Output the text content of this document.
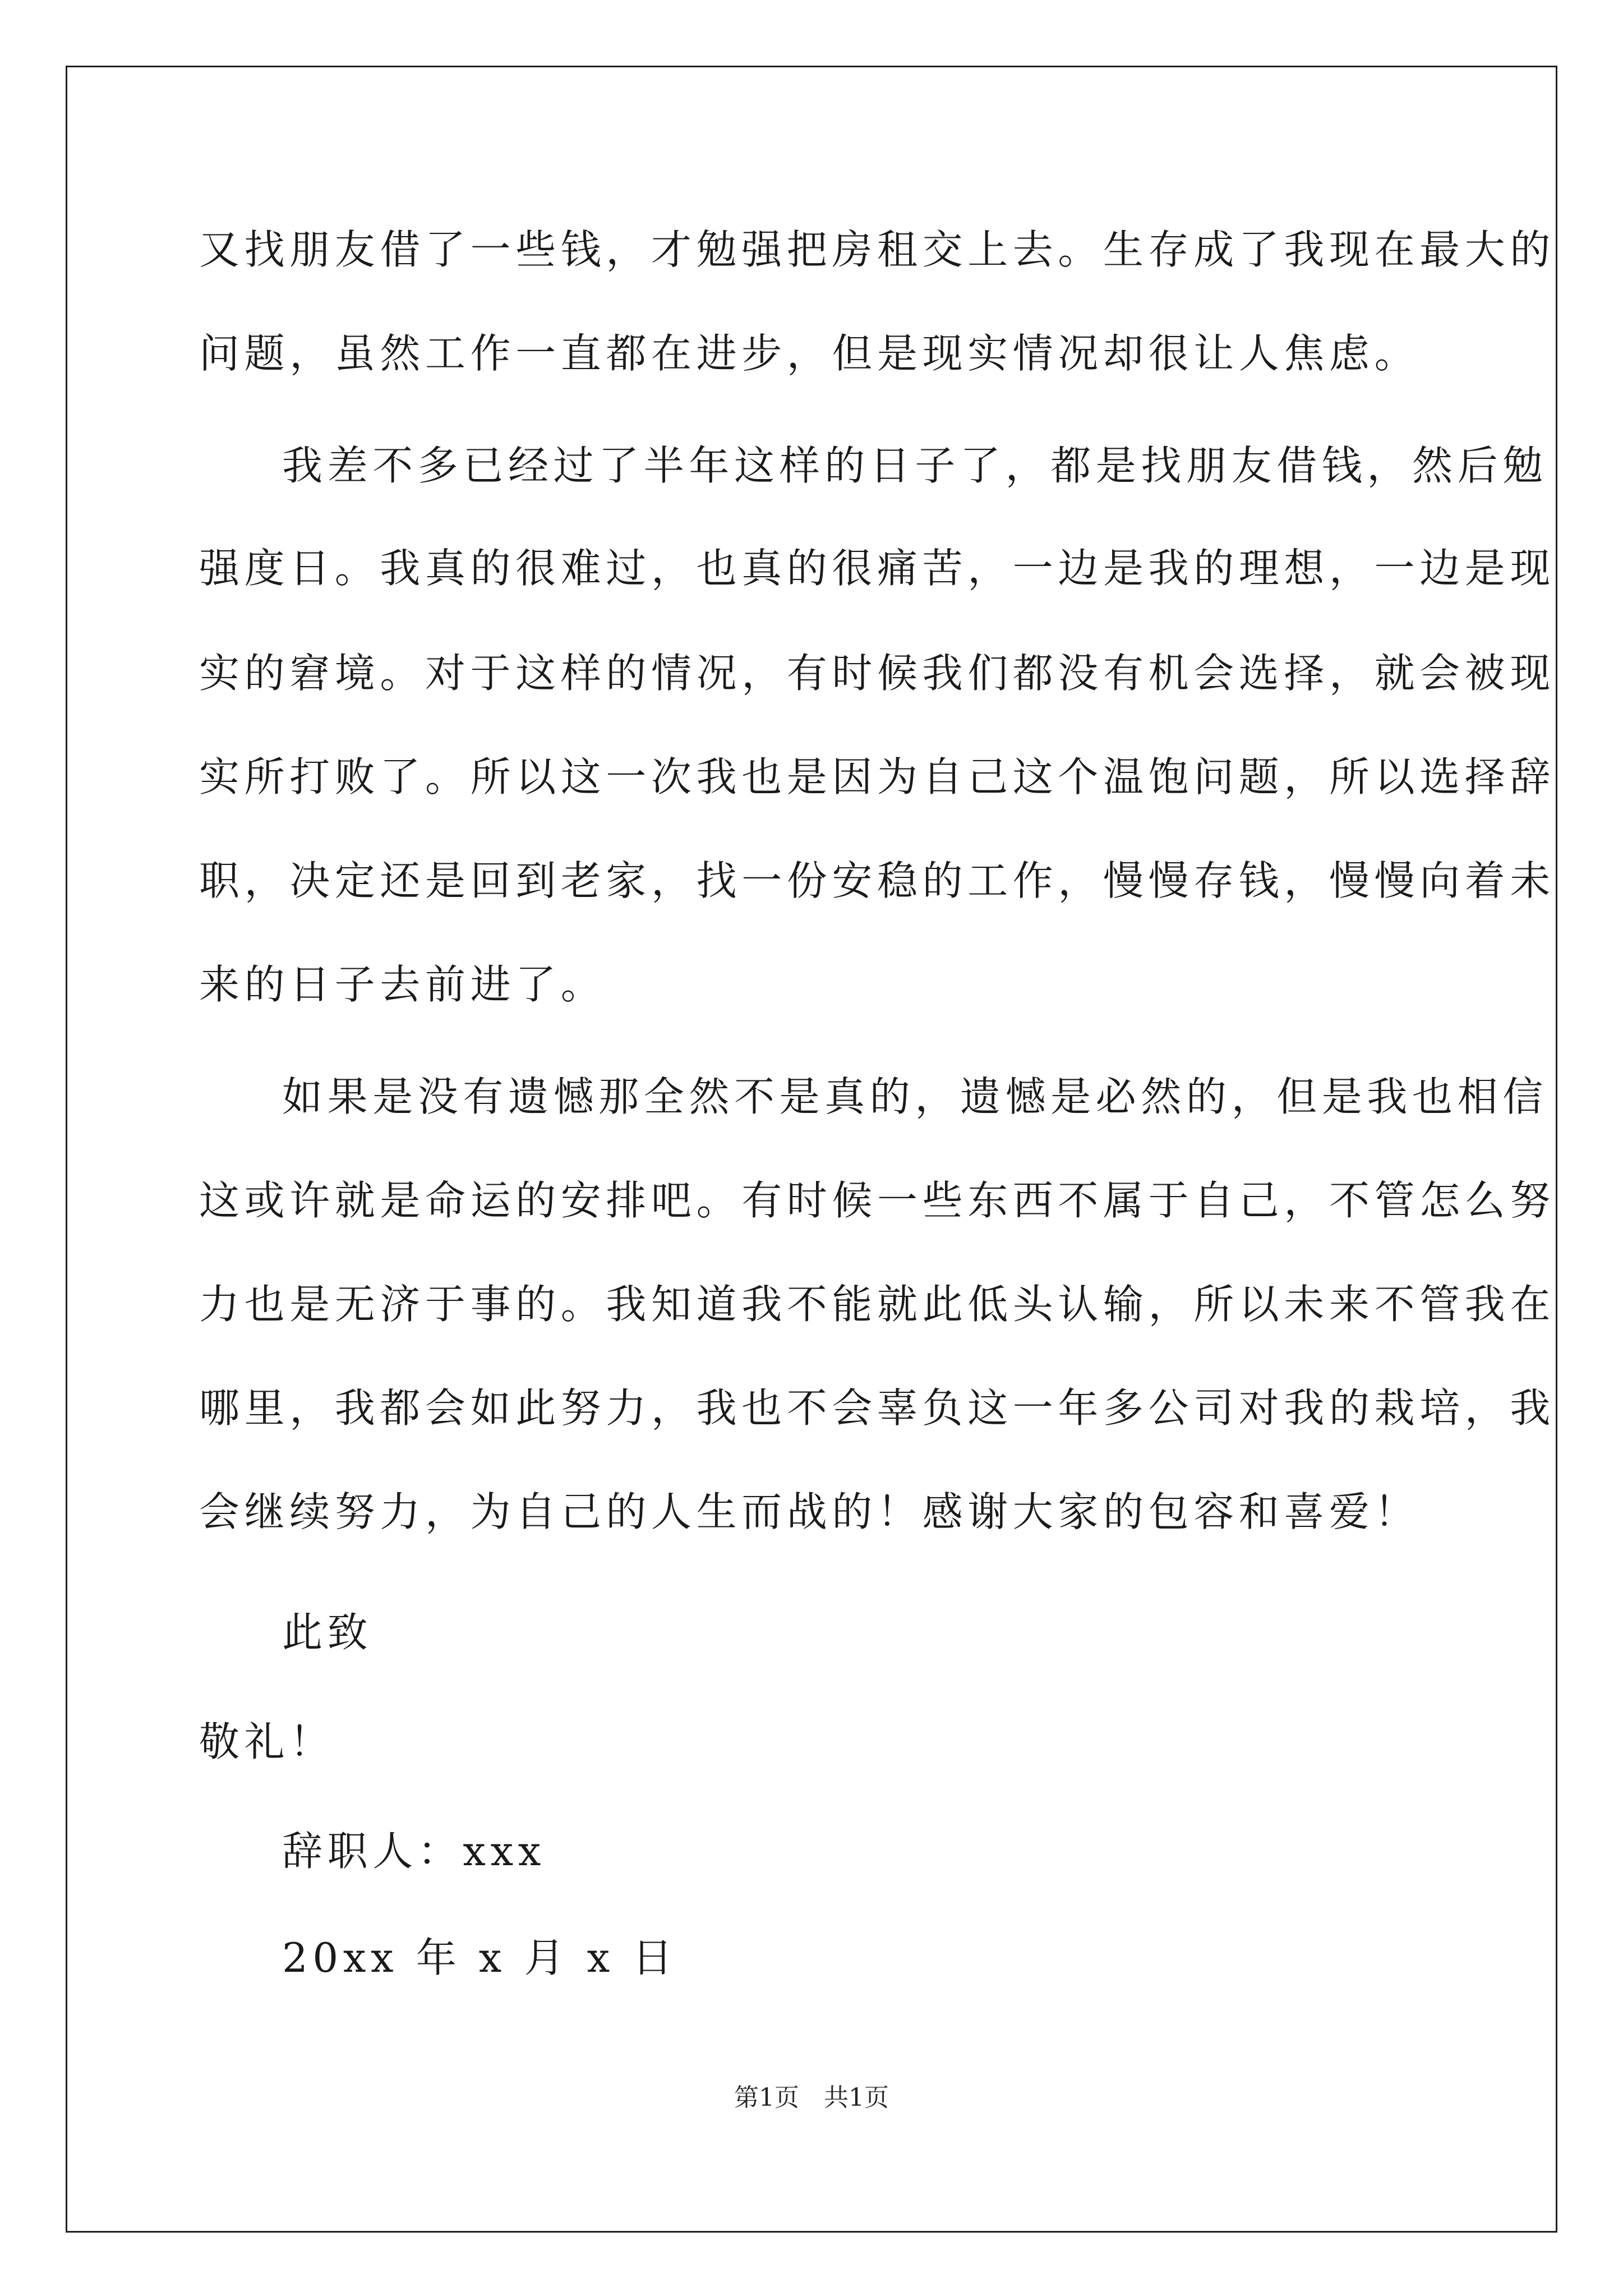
又找朋友借了一些钱，才勉强把房租交上去。生存成了我现在最大的
问题，虽然工作一直都在进步，但是现实情况却很让人焦虑。
我差不多已经过了半年这样的日子了，都是找朋友借钱，然后勉
强度日。我真的很难过，也真的很痛苦，一边是我的理想，一边是现
实的窘境。对于这样的情况，有时候我们都没有机会选择，就会被现
实所打败了。所以这一次我也是因为自己这个温饱问题，所以选择辞
职，决定还是回到老家，找一份安稳的工作，慢慢存钱，慢慢向着未
来的日子去前进了。
如果是没有遗憾那全然不是真的，遗憾是必然的，但是我也相信
这或许就是命运的安排吧。有时候一些东西不属于自己，不管怎么努
力也是无济于事的。我知道我不能就此低头认输，所以未来不管我在
哪里，我都会如此努力，我也不会辜负这一年多公司对我的栽培，我
会继续努力，为自己的人生而战的！感谢大家的包容和喜爱！
此致
敬礼！
辞职人：xxx
20xx 年 x 月 x 日
第1页　共1页
